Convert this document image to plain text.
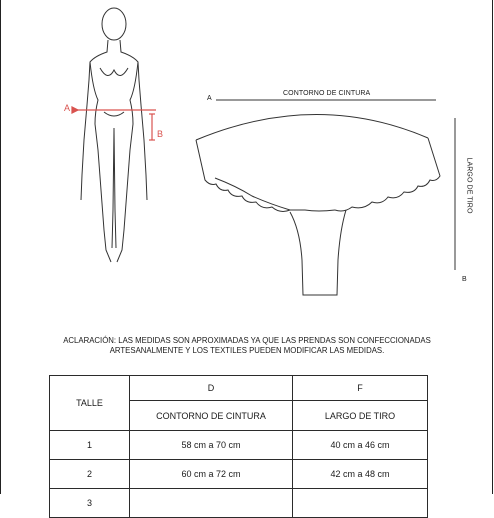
A
B
A
CONTORNO DE CINTURA
LARGO DE TIRO
B
ACLARACIÓN: LAS MEDIDAS SON APROXIMADAS YA QUE LAS PRENDAS SON CONFECCIONADAS
ARTESANALMENTE Y LOS TEXTILES PUEDEN MODIFICAR LAS MEDIDAS.
TALLE	D	F
	CONTORNO DE CINTURA	LARGO DE TIRO
1	58 cm a 70 cm	40 cm a 46 cm
2	60 cm a 72 cm	42 cm a 48 cm
3		
